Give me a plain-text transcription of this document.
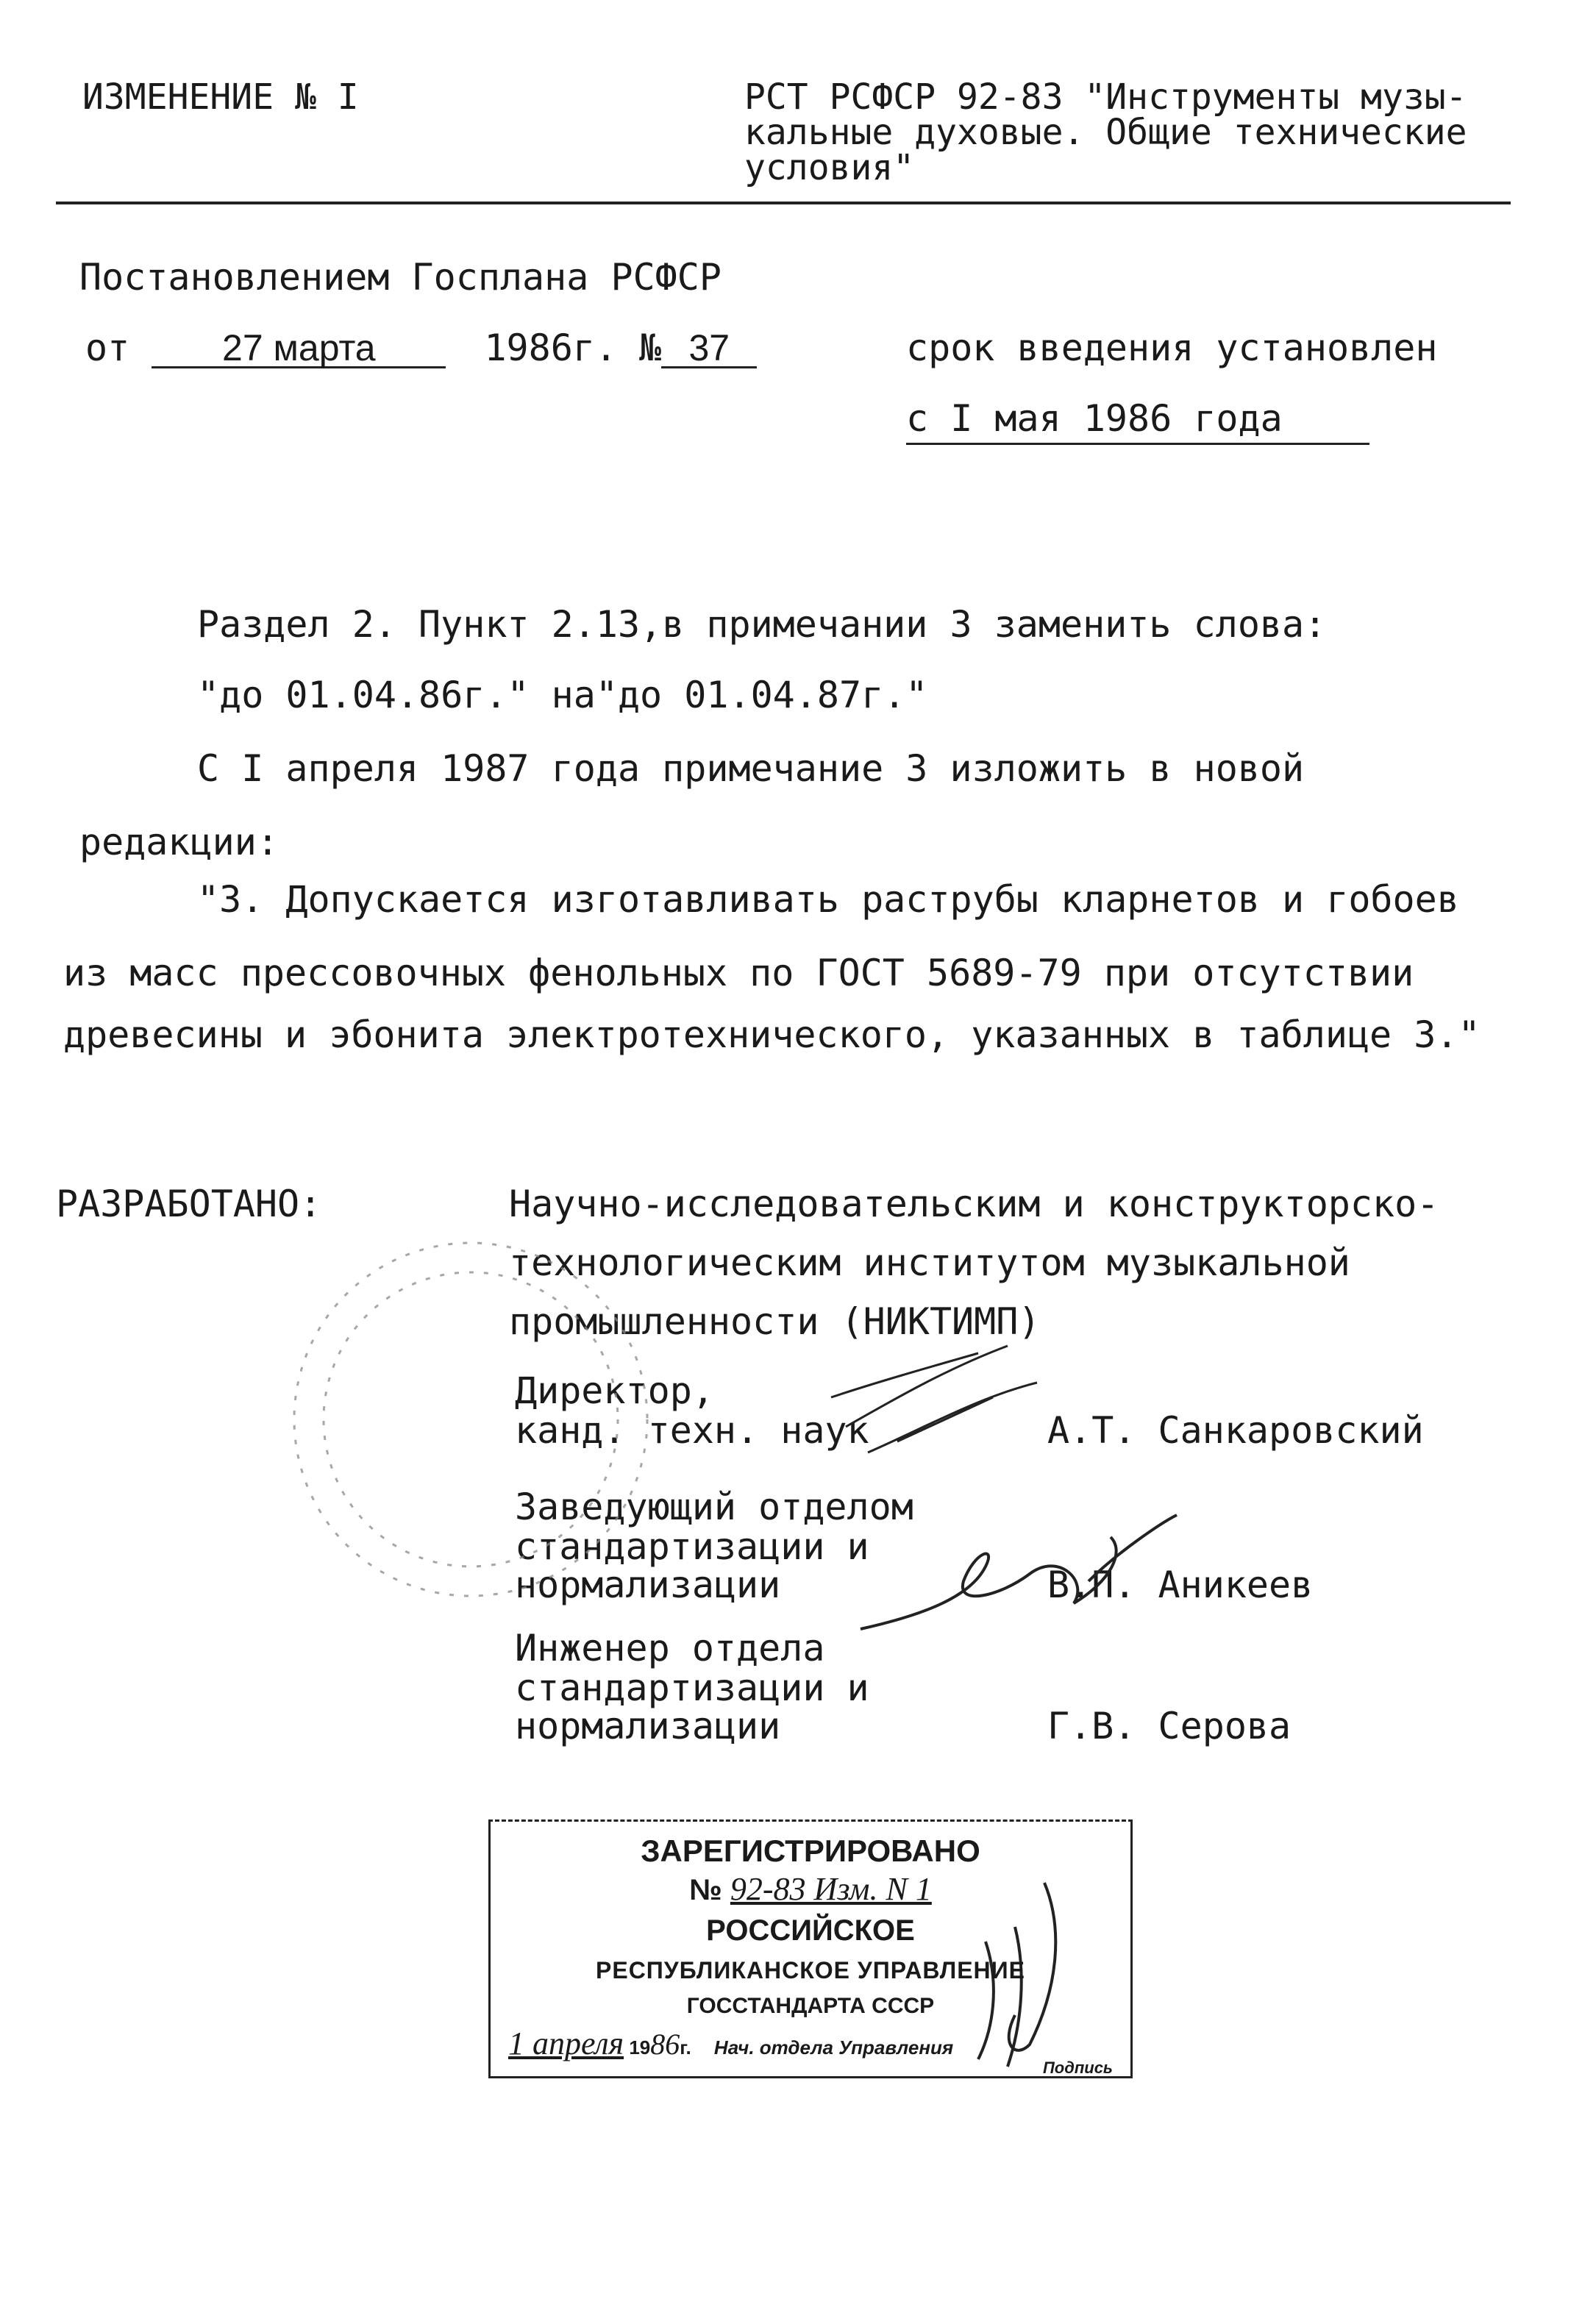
ИЗМЕНЕНИЕ № I	РСТ РСФСР 92-83 "Инструменты музы-
кальные духовые. Общие технические
условия"
Постановлением Госплана РСФСР
от	27 марта	1986г. № 37	срок введения установлен
с I мая 1986 года
Раздел 2. Пункт 2.13,в примечании 3 заменить слова:
"до 01.04.86г." на"до 01.04.87г."
С I апреля 1987 года примечание 3 изложить в новой
редакции:
"3. Допускается изготавливать раструбы кларнетов и гобоев
из масс прессовочных фенольных по ГОСТ 5689-79 при отсутствии
древесины и эбонита электротехнического, указанных в таблице 3."
РАЗРАБОТАНО:	Научно-исследовательским и конструкторско-
технологическим институтом музыкальной
промышленности (НИКТИМП)
Директор,
канд. техн. наук	А.Т. Санкаровский
Заведующий отделом
стандартизации и
нормализации	В.П. Аникеев
Инженер отдела
стандартизации и
нормализации	Г.В. Серова
ЗАРЕГИСТРИРОВАНО
№ 92-83 Изм. N 1
РОССИЙСКОЕ
РЕСПУБЛИКАНСКОЕ УПРАВЛЕНИЕ
ГОССТАНДАРТА СССР
1 апреля 1986г. Нач. отдела Управления
Подпись
